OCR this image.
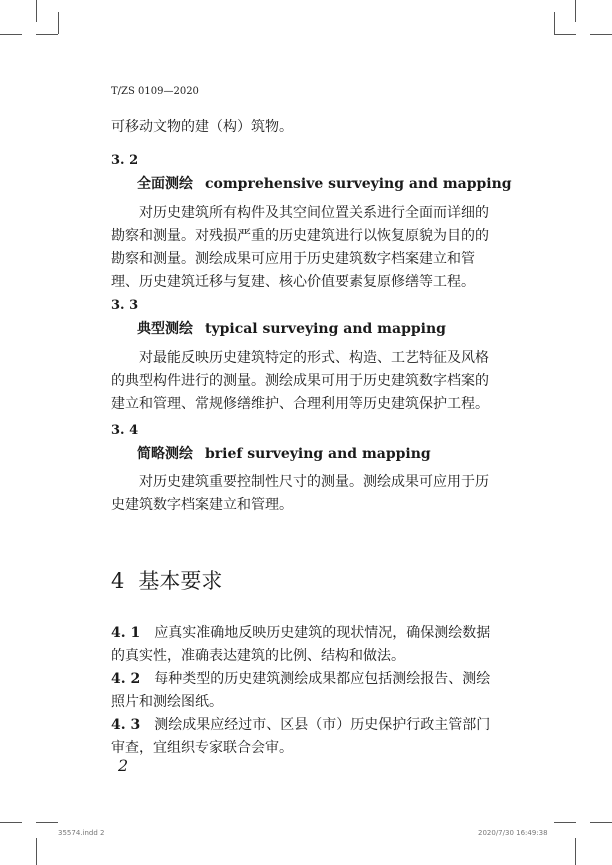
T/ZS 0109—2020
可移动文物的建（构）筑物。
3. 2
全面测绘 comprehensive surveying and mapping
对历史建筑所有构件及其空间位置关系进行全面而详细的勘察和测量。对残损严重的历史建筑进行以恢复原貌为目的的勘察和测量。测绘成果可应用于历史建筑数字档案建立和管理、历史建筑迁移与复建、核心价值要素复原修缮等工程。
3. 3
典型测绘 typical surveying and mapping
对最能反映历史建筑特定的形式、构造、工艺特征及风格的典型构件进行的测量。测绘成果可用于历史建筑数字档案的建立和管理、常规修缮维护、合理利用等历史建筑保护工程。
3. 4
简略测绘 brief surveying and mapping
对历史建筑重要控制性尺寸的测量。测绘成果可应用于历史建筑数字档案建立和管理。
4 基本要求
4. 1 应真实准确地反映历史建筑的现状情况，确保测绘数据的真实性，准确表达建筑的比例、结构和做法。
4. 2 每种类型的历史建筑测绘成果都应包括测绘报告、测绘照片和测绘图纸。
4. 3 测绘成果应经过市、区县（市）历史保护行政主管部门审查，宜组织专家联合会审。
2
35574.indd 2	2020/7/30 16:49:38
